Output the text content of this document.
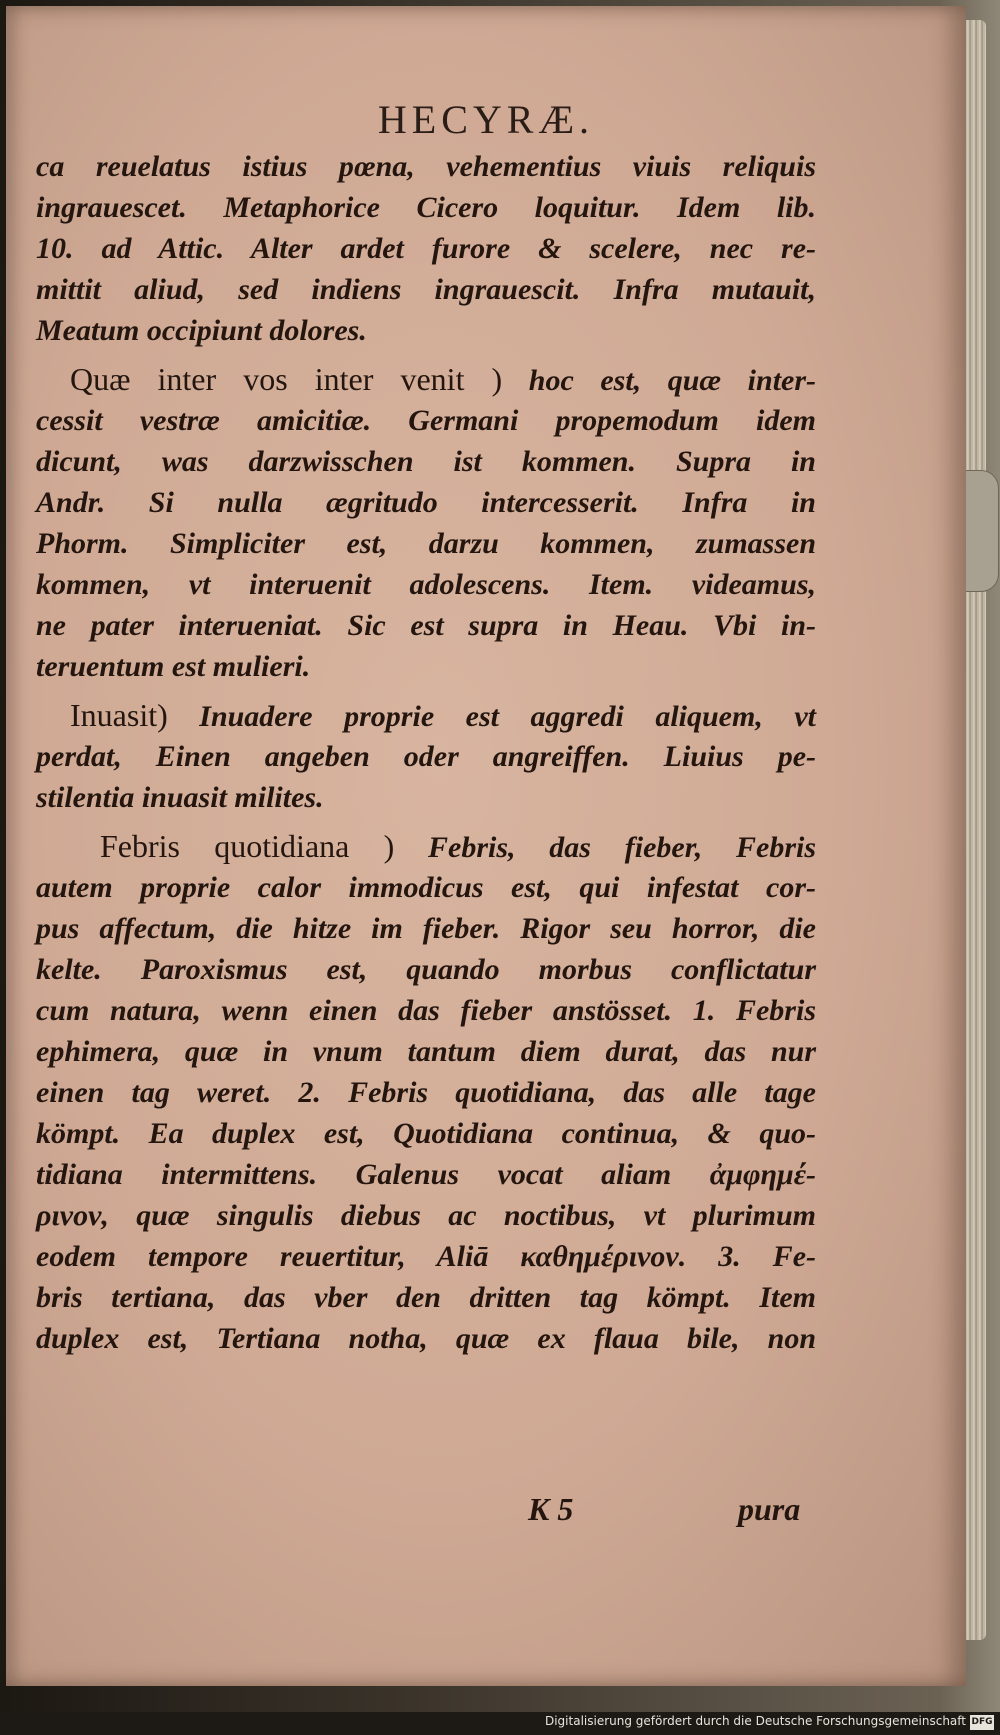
HECYRÆ.
ca reuelatus istius pœna, vehementius viuis reliquis
ingrauescet. Metaphorice Cicero loquitur. Idem lib.
10. ad Attic. Alter ardet furore & scelere, nec re-
mittit aliud, sed indiens ingrauescit. Infra mutauit,
Meatum occipiunt dolores.
Quæ inter vos inter venit ) hoc est, quæ inter-
cessit vestræ amicitiæ. Germani propemodum idem
dicunt, was darzwisschen ist kommen. Supra in
Andr. Si nulla ægritudo intercesserit. Infra in
Phorm. Simpliciter est, darzu kommen, zumassen
kommen, vt interuenit adolescens. Item. videamus,
ne pater interueniat. Sic est supra in Heau. Vbi in-
teruentum est mulieri.
Inuasit) Inuadere proprie est aggredi aliquem, vt
perdat, Einen angeben oder angreiffen. Liuius pe-
stilentia inuasit milites.
Febris quotidiana ) Febris, das fieber, Febris
autem proprie calor immodicus est, qui infestat cor-
pus affectum, die hitze im fieber. Rigor seu horror, die
kelte. Paroxismus est, quando morbus conflictatur
cum natura, wenn einen das fieber anstösset. 1. Febris
ephimera, quæ in vnum tantum diem durat, das nur
einen tag weret. 2. Febris quotidiana, das alle tage
kömpt. Ea duplex est, Quotidiana continua, & quo-
tidiana intermittens. Galenus vocat aliam ἀμφημέ-
ρινον, quæ singulis diebus ac noctibus, vt plurimum
eodem tempore reuertitur, Aliā καθημέρινον. 3. Fe-
bris tertiana, das vber den dritten tag kömpt. Item
duplex est, Tertiana notha, quæ ex flaua bile, non
K 5	pura
Digitalisierung gefördert durch die Deutsche Forschungsgemeinschaft DFG
